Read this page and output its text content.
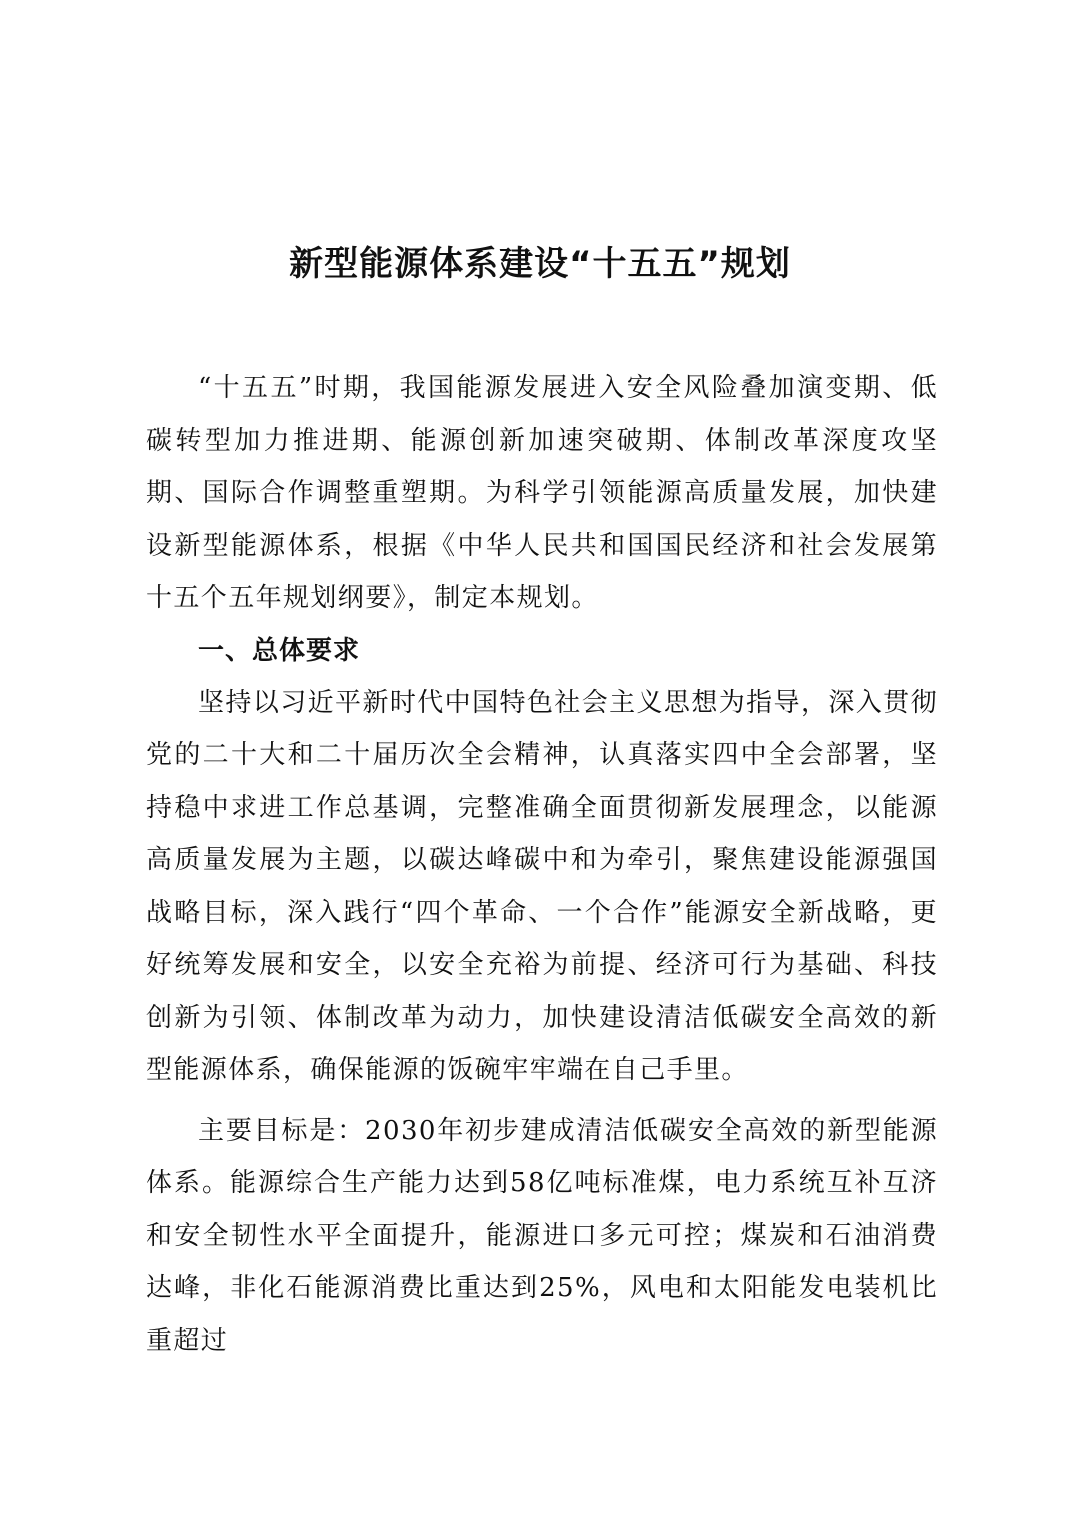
新型能源体系建设“十五五”规划

“十五五”时期，我国能源发展进入安全风险叠加演变期、低碳转型加力推进期、能源创新加速突破期、体制改革深度攻坚期、国际合作调整重塑期。为科学引领能源高质量发展，加快建设新型能源体系，根据《中华人民共和国国民经济和社会发展第十五个五年规划纲要》，制定本规划。

一、总体要求

坚持以习近平新时代中国特色社会主义思想为指导，深入贯彻党的二十大和二十届历次全会精神，认真落实四中全会部署，坚持稳中求进工作总基调，完整准确全面贯彻新发展理念，以能源高质量发展为主题，以碳达峰碳中和为牵引，聚焦建设能源强国战略目标，深入践行“四个革命、一个合作”能源安全新战略，更好统筹发展和安全，以安全充裕为前提、经济可行为基础、科技创新为引领、体制改革为动力，加快建设清洁低碳安全高效的新型能源体系，确保能源的饭碗牢牢端在自己手里。

主要目标是：2030年初步建成清洁低碳安全高效的新型能源体系。能源综合生产能力达到58亿吨标准煤，电力系统互补互济和安全韧性水平全面提升，能源进口多元可控；煤炭和石油消费达峰，非化石能源消费比重达到25%，风电和太阳能发电装机比重超过
